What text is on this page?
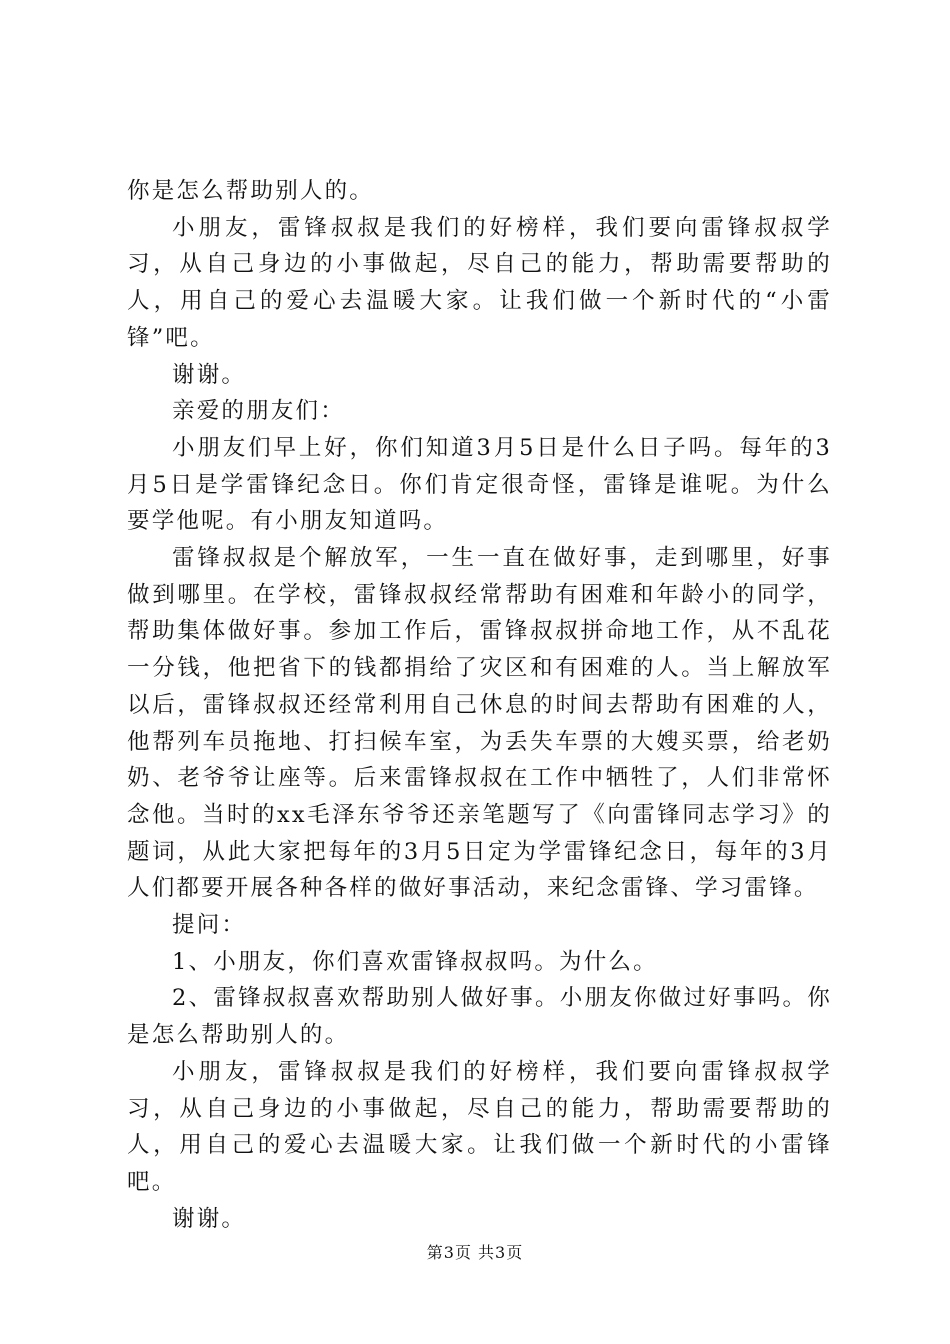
你是怎么帮助别人的。

小朋友，雷锋叔叔是我们的好榜样，我们要向雷锋叔叔学习，从自己身边的小事做起，尽自己的能力，帮助需要帮助的人，用自己的爱心去温暖大家。让我们做一个新时代的“小雷锋”吧。

谢谢。

亲爱的朋友们：

小朋友们早上好，你们知道3月5日是什么日子吗。每年的3月5日是学雷锋纪念日。你们肯定很奇怪，雷锋是谁呢。为什么要学他呢。有小朋友知道吗。

雷锋叔叔是个解放军，一生一直在做好事，走到哪里，好事做到哪里。在学校，雷锋叔叔经常帮助有困难和年龄小的同学，帮助集体做好事。参加工作后，雷锋叔叔拼命地工作，从不乱花一分钱，他把省下的钱都捐给了灾区和有困难的人。当上解放军以后，雷锋叔叔还经常利用自己休息的时间去帮助有困难的人，他帮列车员拖地、打扫候车室，为丢失车票的大嫂买票，给老奶奶、老爷爷让座等。后来雷锋叔叔在工作中牺牲了，人们非常怀念他。当时的xx毛泽东爷爷还亲笔题写了《向雷锋同志学习》的题词，从此大家把每年的3月5日定为学雷锋纪念日，每年的3月人们都要开展各种各样的做好事活动，来纪念雷锋、学习雷锋。

提问：

1、小朋友，你们喜欢雷锋叔叔吗。为什么。

2、雷锋叔叔喜欢帮助别人做好事。小朋友你做过好事吗。你是怎么帮助别人的。

小朋友，雷锋叔叔是我们的好榜样，我们要向雷锋叔叔学习，从自己身边的小事做起，尽自己的能力，帮助需要帮助的人，用自己的爱心去温暖大家。让我们做一个新时代的小雷锋吧。

谢谢。

第3页 共3页
